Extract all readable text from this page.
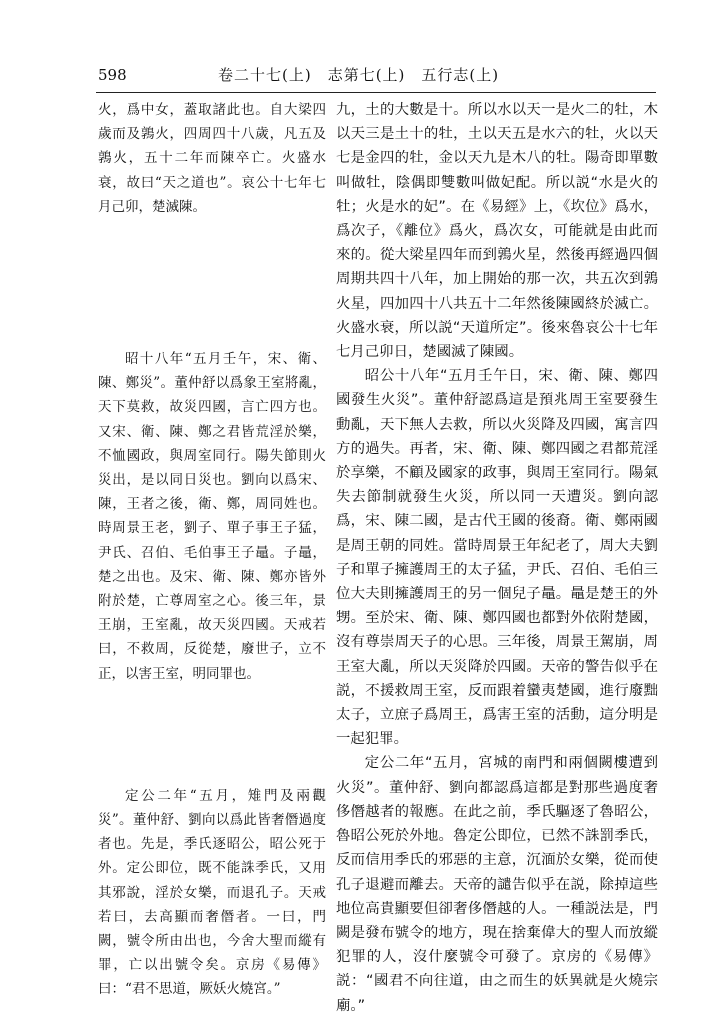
598	卷二十七(上)　志第七(上)　五行志(上)

火，爲中女，蓋取諸此也。自大梁四歲而及鶉火，四周四十八歲，凡五及鶉火，五十二年而陳卒亡。火盛水衰，故曰“天之道也”。哀公十七年七月己卯，楚滅陳。

昭十八年“五月壬午，宋、衛、陳、鄭災”。董仲舒以爲象王室將亂，天下莫救，故災四國，言亡四方也。又宋、衛、陳、鄭之君皆荒淫於樂，不恤國政，與周室同行。陽失節則火災出，是以同日災也。劉向以爲宋、陳，王者之後，衛、鄭，周同姓也。時周景王老，劉子、單子事王子猛，尹氏、召伯、毛伯事王子鼂。子鼂，楚之出也。及宋、衛、陳、鄭亦皆外附於楚，亡尊周室之心。後三年，景王崩，王室亂，故天災四國。天戒若曰，不救周，反從楚，廢世子，立不正，以害王室，明同罪也。

定公二年“五月，雉門及兩觀災”。董仲舒、劉向以爲此皆奢僭過度者也。先是，季氏逐昭公，昭公死于外。定公即位，既不能誅季氏，又用其邪說，淫於女樂，而退孔子。天戒若曰，去高顯而奢僭者。一曰，門闕，號令所由出也，今舍大聖而縱有罪，亡以出號令矣。京房《易傳》曰：“君不思道，厥妖火燒宮。”

九，土的大數是十。所以水以天一是火二的牡，木以天三是土十的牡，土以天五是水六的牡，火以天七是金四的牡，金以天九是木八的牡。陽奇即單數叫做牡，陰偶即雙數叫做妃配。所以説“水是火的牡；火是水的妃”。在《易經》上，《坎位》爲水，爲次子，《離位》爲火，爲次女，可能就是由此而來的。從大梁星四年而到鶉火星，然後再經過四個周期共四十八年，加上開始的那一次，共五次到鶉火星，四加四十八共五十二年然後陳國終於滅亡。火盛水衰，所以説“天道所定”。後來魯哀公十七年七月己卯日，楚國滅了陳國。

昭公十八年“五月壬午日，宋、衛、陳、鄭四國發生火災”。董仲舒認爲這是預兆周王室要發生動亂，天下無人去救，所以火災降及四國，寓言四方的過失。再者，宋、衛、陳、鄭四國之君都荒淫於享樂，不顧及國家的政事，與周王室同行。陽氣失去節制就發生火災，所以同一天遭災。劉向認爲，宋、陳二國，是古代王國的後裔。衛、鄭兩國是周王朝的同姓。當時周景王年紀老了，周大夫劉子和單子擁護周王的太子猛，尹氏、召伯、毛伯三位大夫則擁護周王的另一個兒子鼂。鼂是楚王的外甥。至於宋、衛、陳、鄭四國也都對外依附楚國，沒有尊崇周天子的心思。三年後，周景王駕崩，周王室大亂，所以天災降於四國。天帝的警告似乎在説，不援救周王室，反而跟着蠻夷楚國，進行廢黜太子，立庶子爲周王，爲害王室的活動，這分明是一起犯罪。

定公二年“五月，宮城的南門和兩個闕樓遭到火災”。董仲舒、劉向都認爲這都是對那些過度奢侈僭越者的報應。在此之前，季氏驅逐了魯昭公，魯昭公死於外地。魯定公即位，已然不誅罰季氏，反而信用季氏的邪惡的主意，沉湎於女樂，從而使孔子退避而離去。天帝的譴告似乎在説，除掉這些地位高貴顯要但卻奢侈僭越的人。一種説法是，門闕是發布號令的地方，現在捨棄偉大的聖人而放縱犯罪的人，沒什麼號令可發了。京房的《易傳》説：“國君不向往道，由之而生的妖異就是火燒宗廟。”
